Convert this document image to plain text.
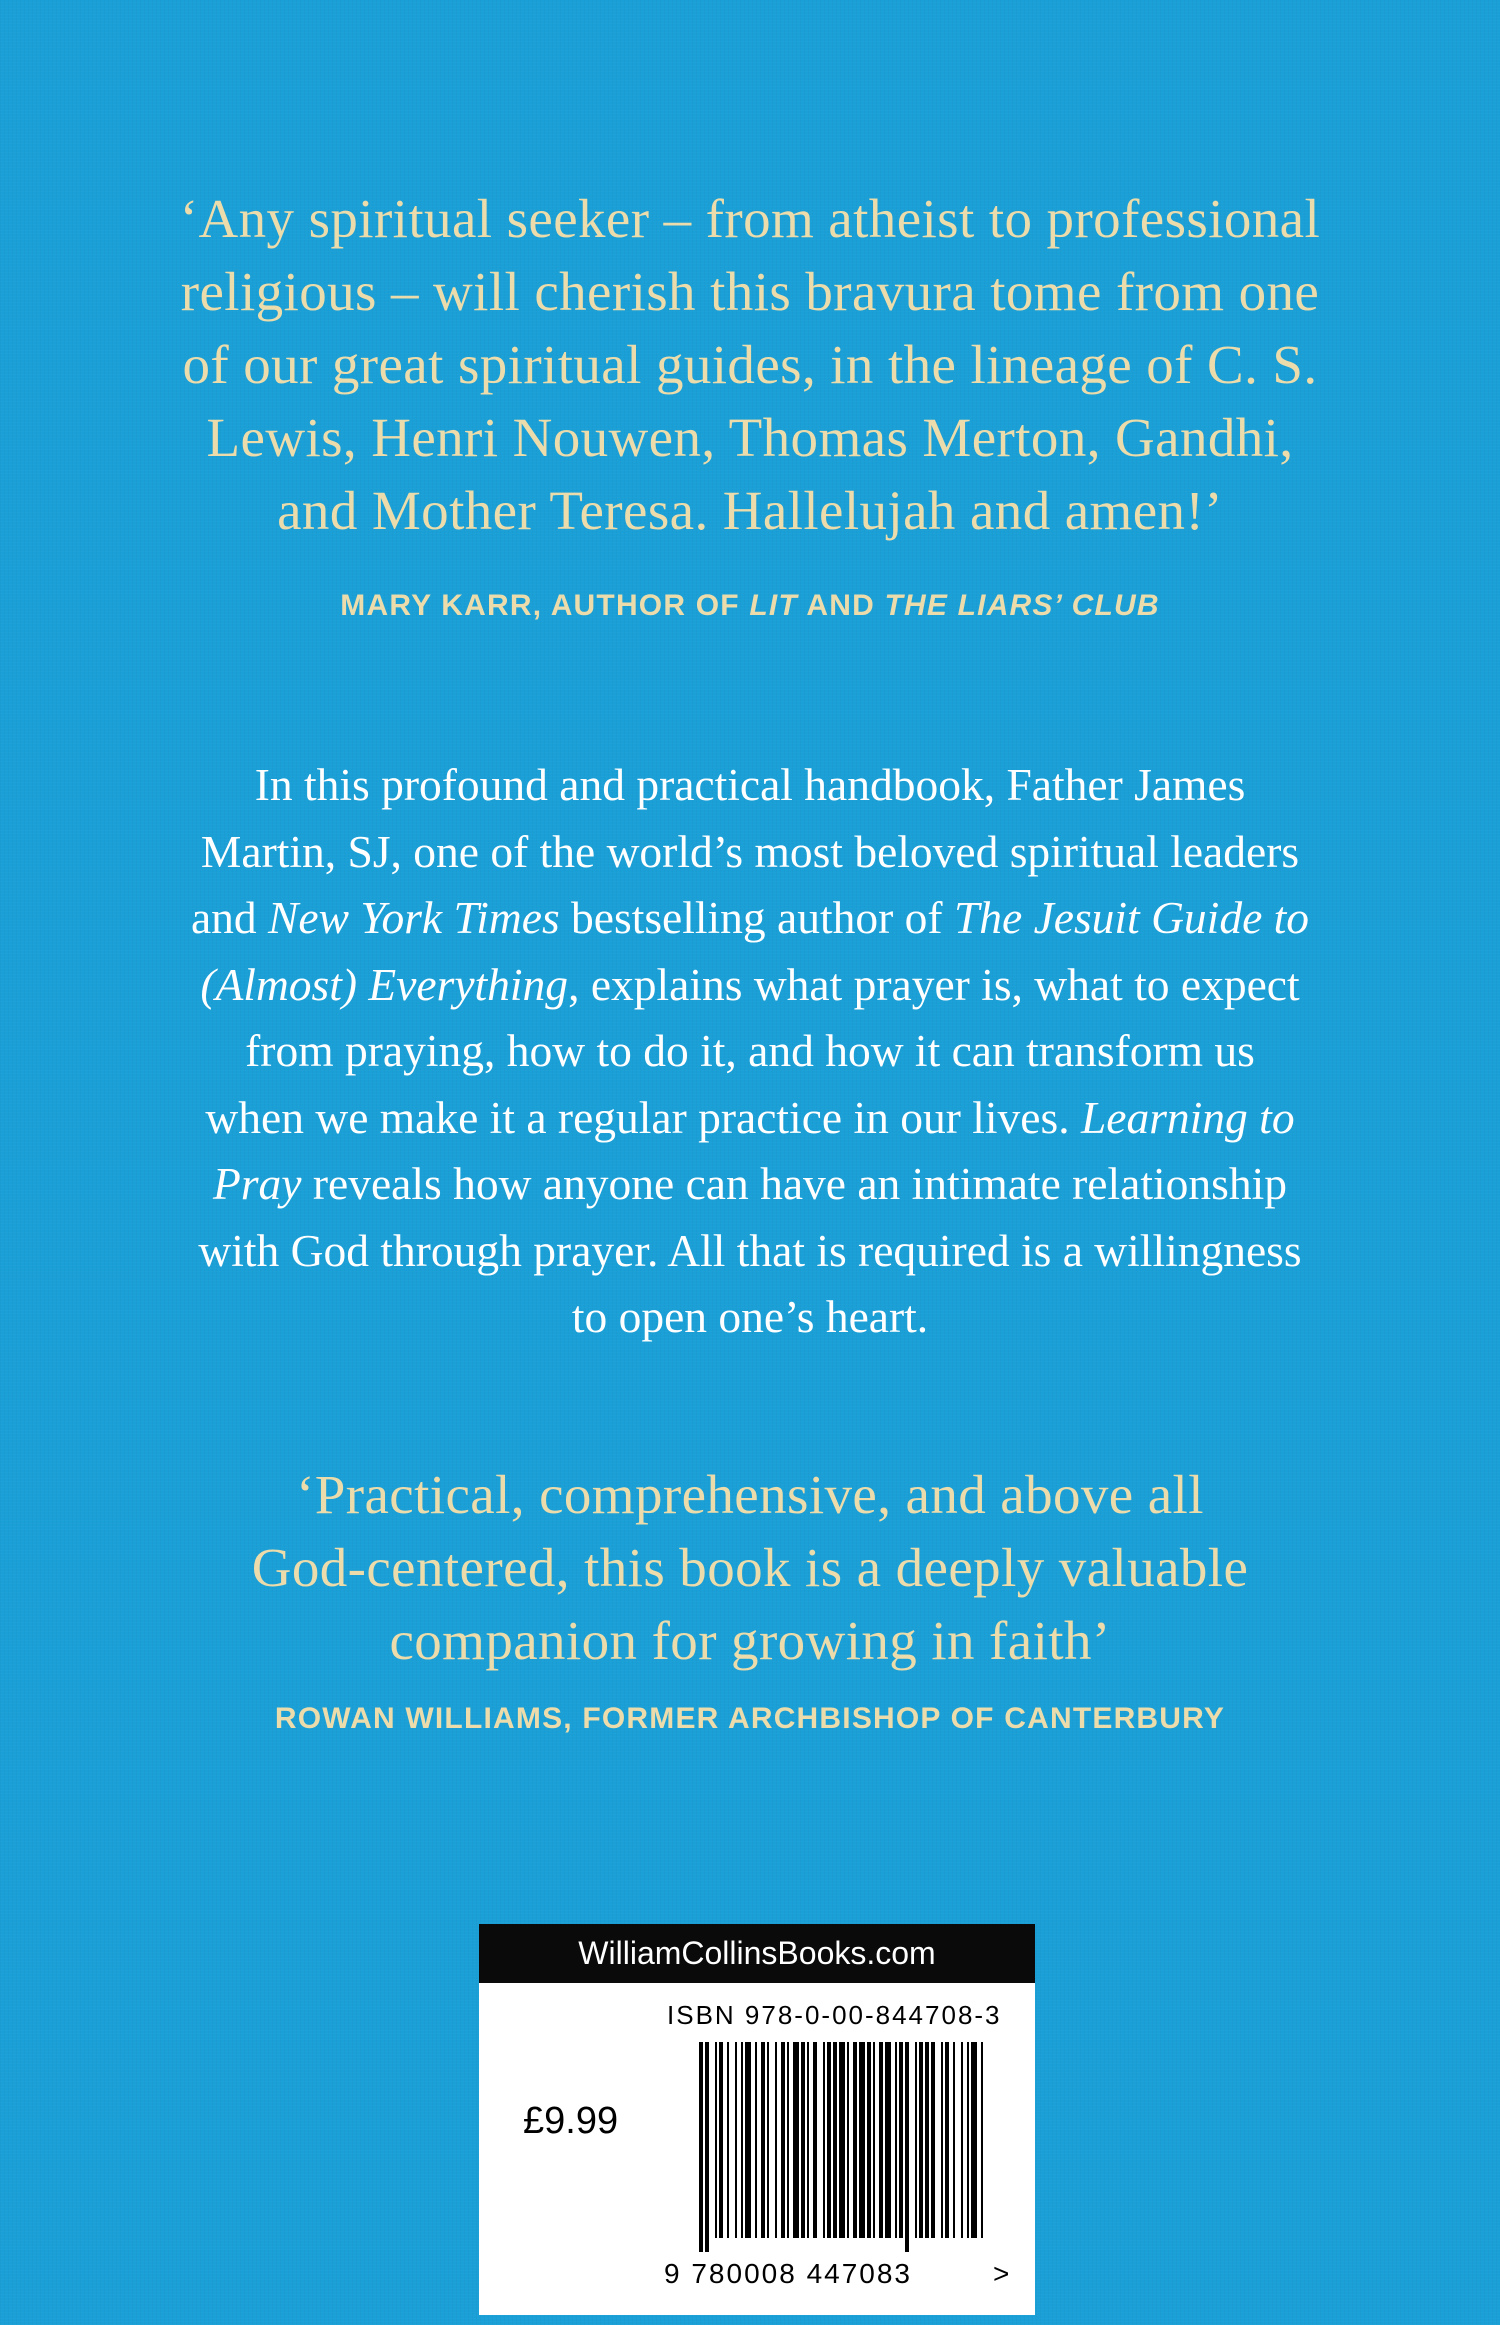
‘Any spiritual seeker – from atheist to professional
religious – will cherish this bravura tome from one
of our great spiritual guides, in the lineage of C. S.
Lewis, Henri Nouwen, Thomas Merton, Gandhi,
and Mother Teresa. Hallelujah and amen!’
MARY KARR, AUTHOR OF LIT AND THE LIARS’ CLUB
In this profound and practical handbook, Father James
Martin, SJ, one of the world’s most beloved spiritual leaders
and New York Times bestselling author of The Jesuit Guide to
(Almost) Everything, explains what prayer is, what to expect
from praying, how to do it, and how it can transform us
when we make it a regular practice in our lives. Learning to
Pray reveals how anyone can have an intimate relationship
with God through prayer. All that is required is a willingness
to open one’s heart.
‘Practical, comprehensive, and above all
God-centered, this book is a deeply valuable
companion for growing in faith’
ROWAN WILLIAMS, FORMER ARCHBISHOP OF CANTERBURY
WilliamCollinsBooks.com
ISBN 978-0-00-844708-3
£9.99
9 780008 447083	>
